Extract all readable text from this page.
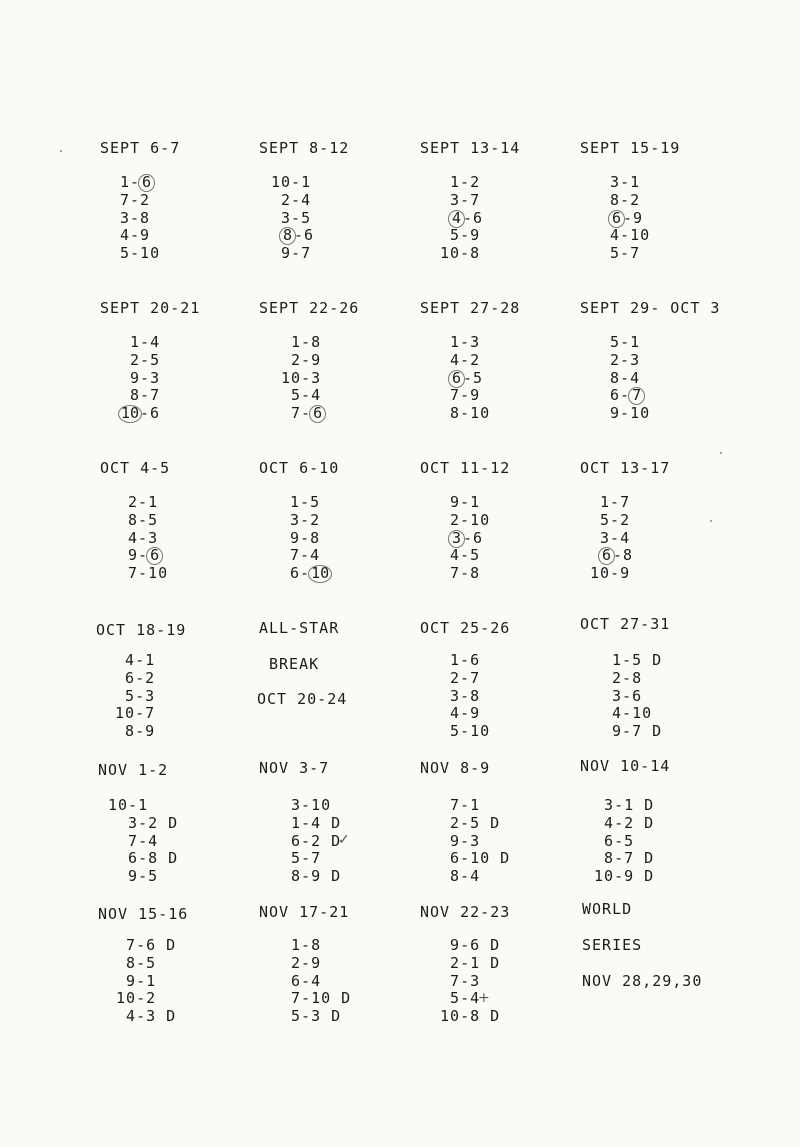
SEPT 6-7
1- 6
7-2
3-8
4-9
5-10
SEPT 8-12
10-1
2-4
3-5
8 -6
9-7
SEPT 13-14
1-2
3-7
4 -6
5-9
10-8
SEPT 15-19
3-1
8-2
6 -9
4-10
5-7
SEPT 20-21
1-4
2-5
9-3
8-7
10-6
SEPT 22-26
1-8
2-9
10-3
5-4
7- 6
SEPT 27-28
1-3
4-2
6 -5
7-9
8-10
SEPT 29- OCT 3
5-1
2-3
8-4
6- 7
9-10
OCT 4-5
2-1
8-5
4-3
9- 6
7-10
OCT 6-10
1-5
3-2
9-8
7-4
6-10
OCT 11-12
9-1
2-10
3 -6
4-5
7-8
OCT 13-17
1-7
5-2
3-4
6 -8
10-9
OCT 18-19
4-1
6-2
5-3
10-7
8-9
ALL-STAR	OCT 25-26
1-6
2-7
3-8
4-9
5-10
OCT 27-31
1-5 D
2-8
3-6
4-10
9-7 D
NOV 1-2
10-1
3-2 D
7-4
6-8 D
9-5
NOV 3-7
3-10
1-4 D
6-2 D
5-7
8-9 D
NOV 8-9
7-1
2-5 D
9-3
6-10 D
8-4
NOV 10-14
3-1 D
4-2 D
6-5
8-7 D
10-9 D
NOV 15-16
7-6 D
8-5
9-1
10-2
4-3 D
NOV 17-21
1-8
2-9
6-4
7-10 D
5-3 D
NOV 22-23
9-6 D
2-1 D
7-3
5-4
10-8 D
BREAK
OCT 20-24
WORLD
SERIES
NOV 28,29,30
✓
+
